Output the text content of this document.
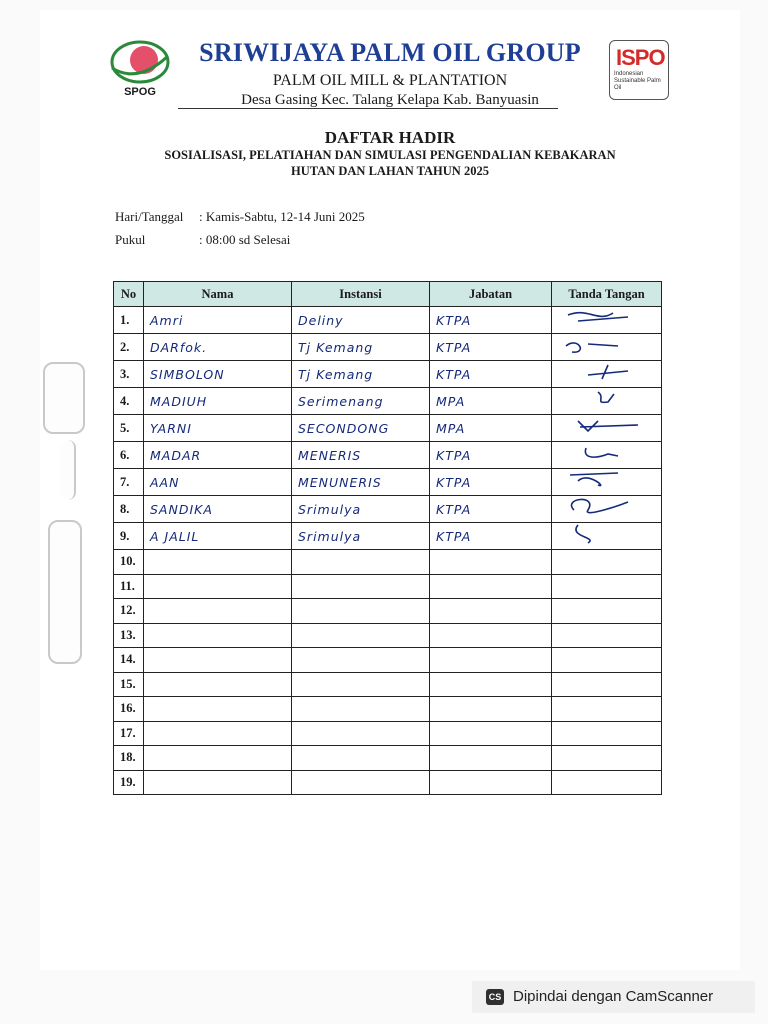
SPOG
SRIWIJAYA PALM OIL GROUP
PALM OIL MILL & PLANTATION
Desa Gasing Kec. Talang Kelapa Kab. Banyuasin
ISPO
Indonesian Sustainable Palm Oil
DAFTAR HADIR
SOSIALISASI, PELATIAHAN DAN SIMULASI PENGENDALIAN KEBAKARAN
HUTAN DAN LAHAN TAHUN 2025
Hari/Tanggal : Kamis-Sabtu, 12-14 Juni 2025
Pukul	: 08:00 sd Selesai
No	Nama	Instansi	Jabatan	Tanda Tangan
1.	Amri	Deliny	KTPA	
2.	DARfok.	Tj Kemang	KTPA	
3.	SIMBOLON	Tj Kemang	KTPA	
4.	MADIUH	Serimenang	MPA	
5.	YARNI	SECONDONG	MPA	
6.	MADAR	MENERIS	KTPA	
7.	AAN	MENUNERIS	KTPA	
8.	SANDIKA	Srimulya	KTPA	
9.	A JALIL	Srimulya	KTPA	
10.				
11.				
12.				
13.				
14.				
15.				
16.				
17.				
18.				
19.				
CS Dipindai dengan CamScanner
